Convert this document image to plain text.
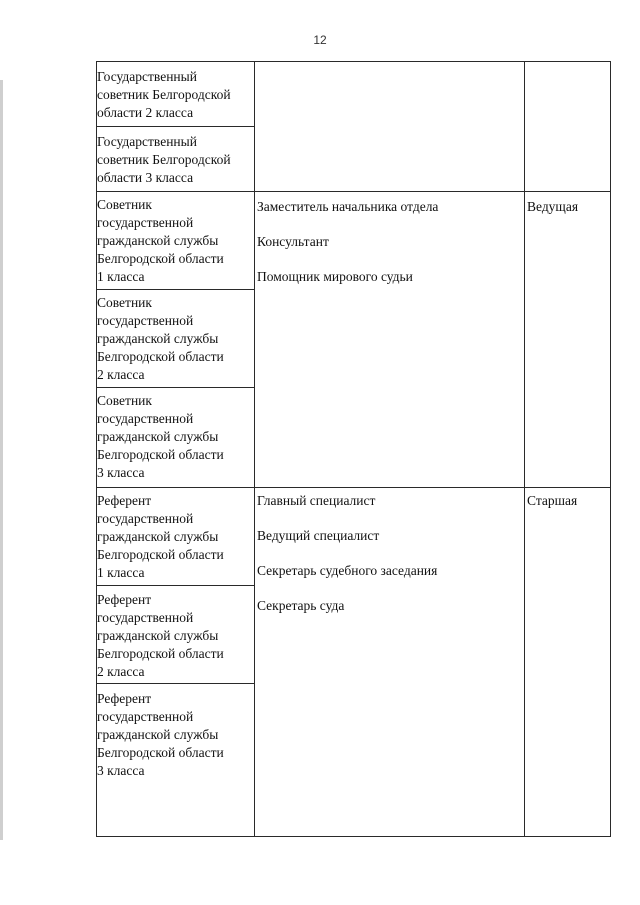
12
Государственный
советник Белгородской
области 2 класса
Государственный
советник Белгородской
области 3 класса
Советник
государственной
гражданской службы
Белгородской области
1 класса
Советник
государственной
гражданской службы
Белгородской области
2 класса
Советник
государственной
гражданской службы
Белгородской области
3 класса
Заместитель начальника отдела
Консультант
Помощник мирового судьи
Ведущая
Референт
государственной
гражданской службы
Белгородской области
1 класса
Референт
государственной
гражданской службы
Белгородской области
2 класса
Референт
государственной
гражданской службы
Белгородской области
3 класса
Главный специалист
Ведущий специалист
Секретарь судебного заседания
Секретарь суда
Старшая
